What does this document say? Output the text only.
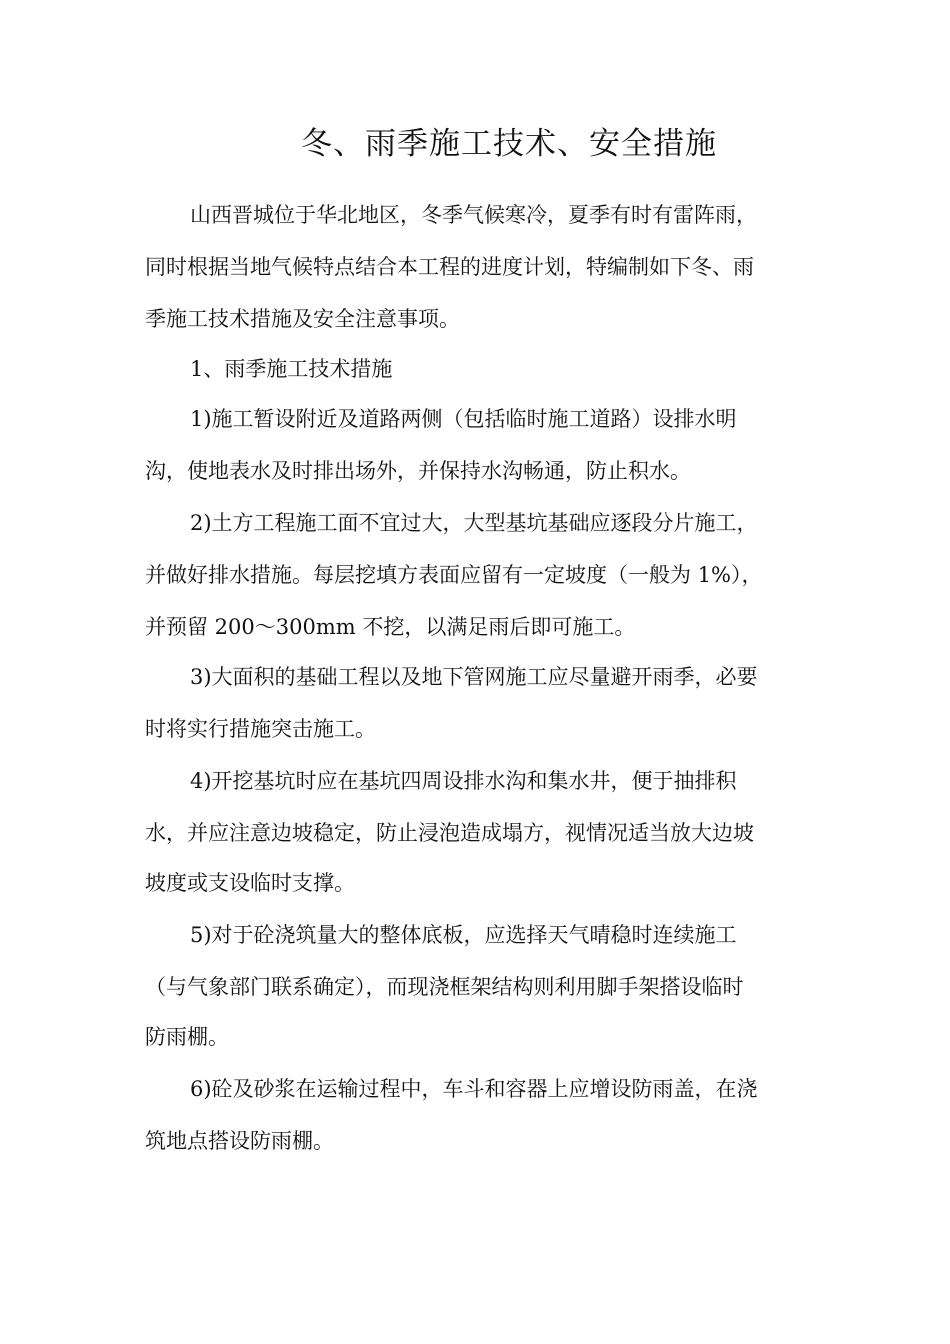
冬、雨季施工技术、安全措施
山西晋城位于华北地区，冬季气候寒冷，夏季有时有雷阵雨，
同时根据当地气候特点结合本工程的进度计划，特编制如下冬、雨
季施工技术措施及安全注意事项。
1、雨季施工技术措施
1)施工暂设附近及道路两侧（包括临时施工道路）设排水明
沟，使地表水及时排出场外，并保持水沟畅通，防止积水。
2)土方工程施工面不宜过大，大型基坑基础应逐段分片施工，
并做好排水措施。每层挖填方表面应留有一定坡度（一般为 1%），
并预留 200～300mm 不挖，以满足雨后即可施工。
3)大面积的基础工程以及地下管网施工应尽量避开雨季，必要
时将实行措施突击施工。
4)开挖基坑时应在基坑四周设排水沟和集水井，便于抽排积
水，并应注意边坡稳定，防止浸泡造成塌方，视情况适当放大边坡
坡度或支设临时支撑。
5)对于砼浇筑量大的整体底板，应选择天气晴稳时连续施工
（与气象部门联系确定），而现浇框架结构则利用脚手架搭设临时
防雨棚。
6)砼及砂浆在运输过程中，车斗和容器上应增设防雨盖，在浇
筑地点搭设防雨棚。
